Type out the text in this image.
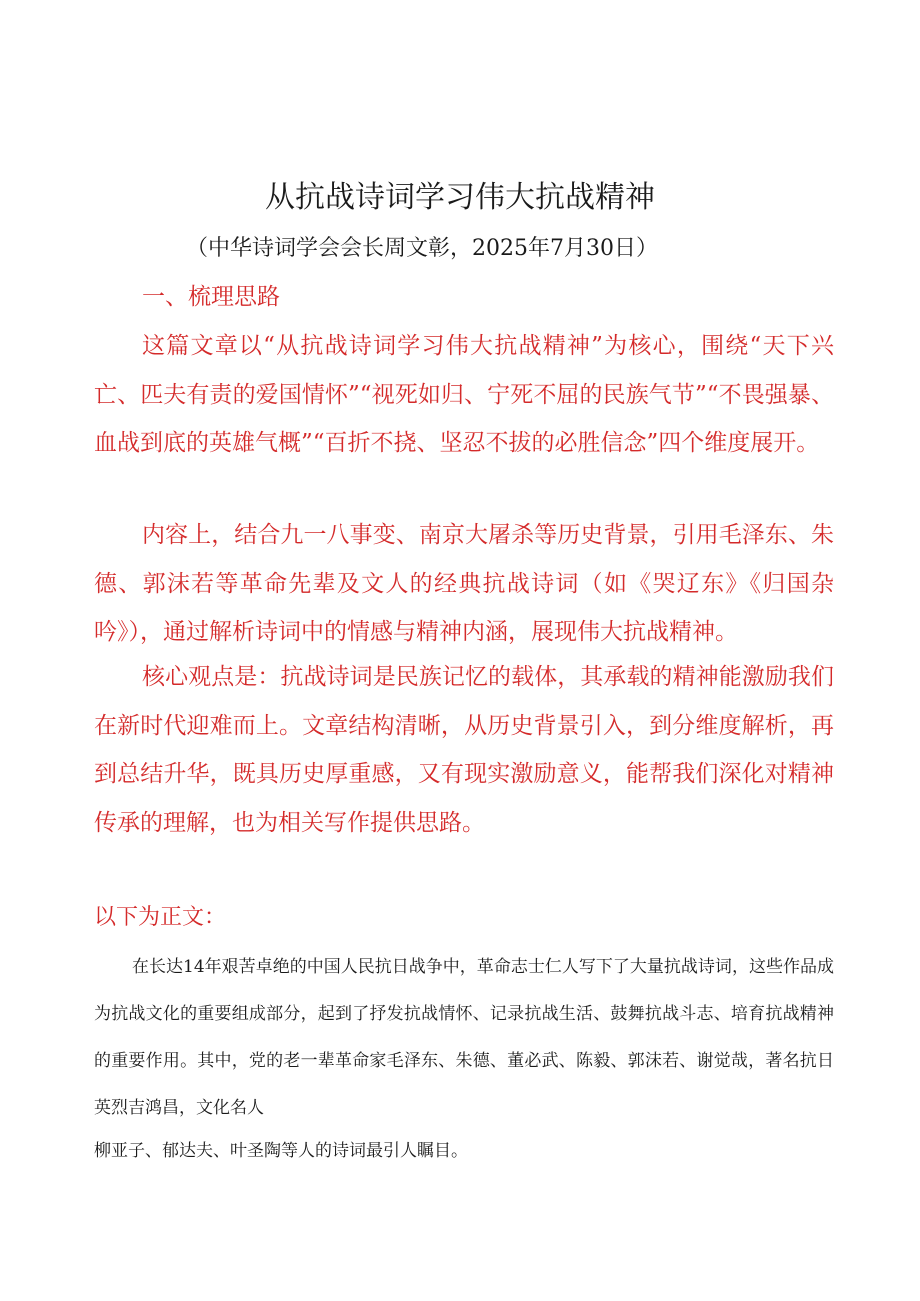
从抗战诗词学习伟大抗战精神
（中华诗词学会会长周文彰，2025年7月30日）
一、梳理思路

这篇文章以“从抗战诗词学习伟大抗战精神”为核心，围绕“天下兴亡、匹夫有责的爱国情怀”“视死如归、宁死不屈的民族气节”“不畏强暴、血战到底的英雄气概”“百折不挠、坚忍不拔的必胜信念”四个维度展开。

内容上，结合九一八事变、南京大屠杀等历史背景，引用毛泽东、朱德、郭沫若等革命先辈及文人的经典抗战诗词（如《哭辽东》《归国杂吟》），通过解析诗词中的情感与精神内涵，展现伟大抗战精神。

核心观点是：抗战诗词是民族记忆的载体，其承载的精神能激励我们在新时代迎难而上。文章结构清晰，从历史背景引入，到分维度解析，再到总结升华，既具历史厚重感，又有现实激励意义，能帮我们深化对精神传承的理解，也为相关写作提供思路。

以下为正文：

在长达14年艰苦卓绝的中国人民抗日战争中，革命志士仁人写下了大量抗战诗词，这些作品成为抗战文化的重要组成部分，起到了抒发抗战情怀、记录抗战生活、鼓舞抗战斗志、培育抗战精神的重要作用。其中，党的老一辈革命家毛泽东、朱德、董必武、陈毅、郭沫若、谢觉哉，著名抗日英烈吉鸿昌，文化名人

柳亚子、郁达夫、叶圣陶等人的诗词最引人瞩目。
